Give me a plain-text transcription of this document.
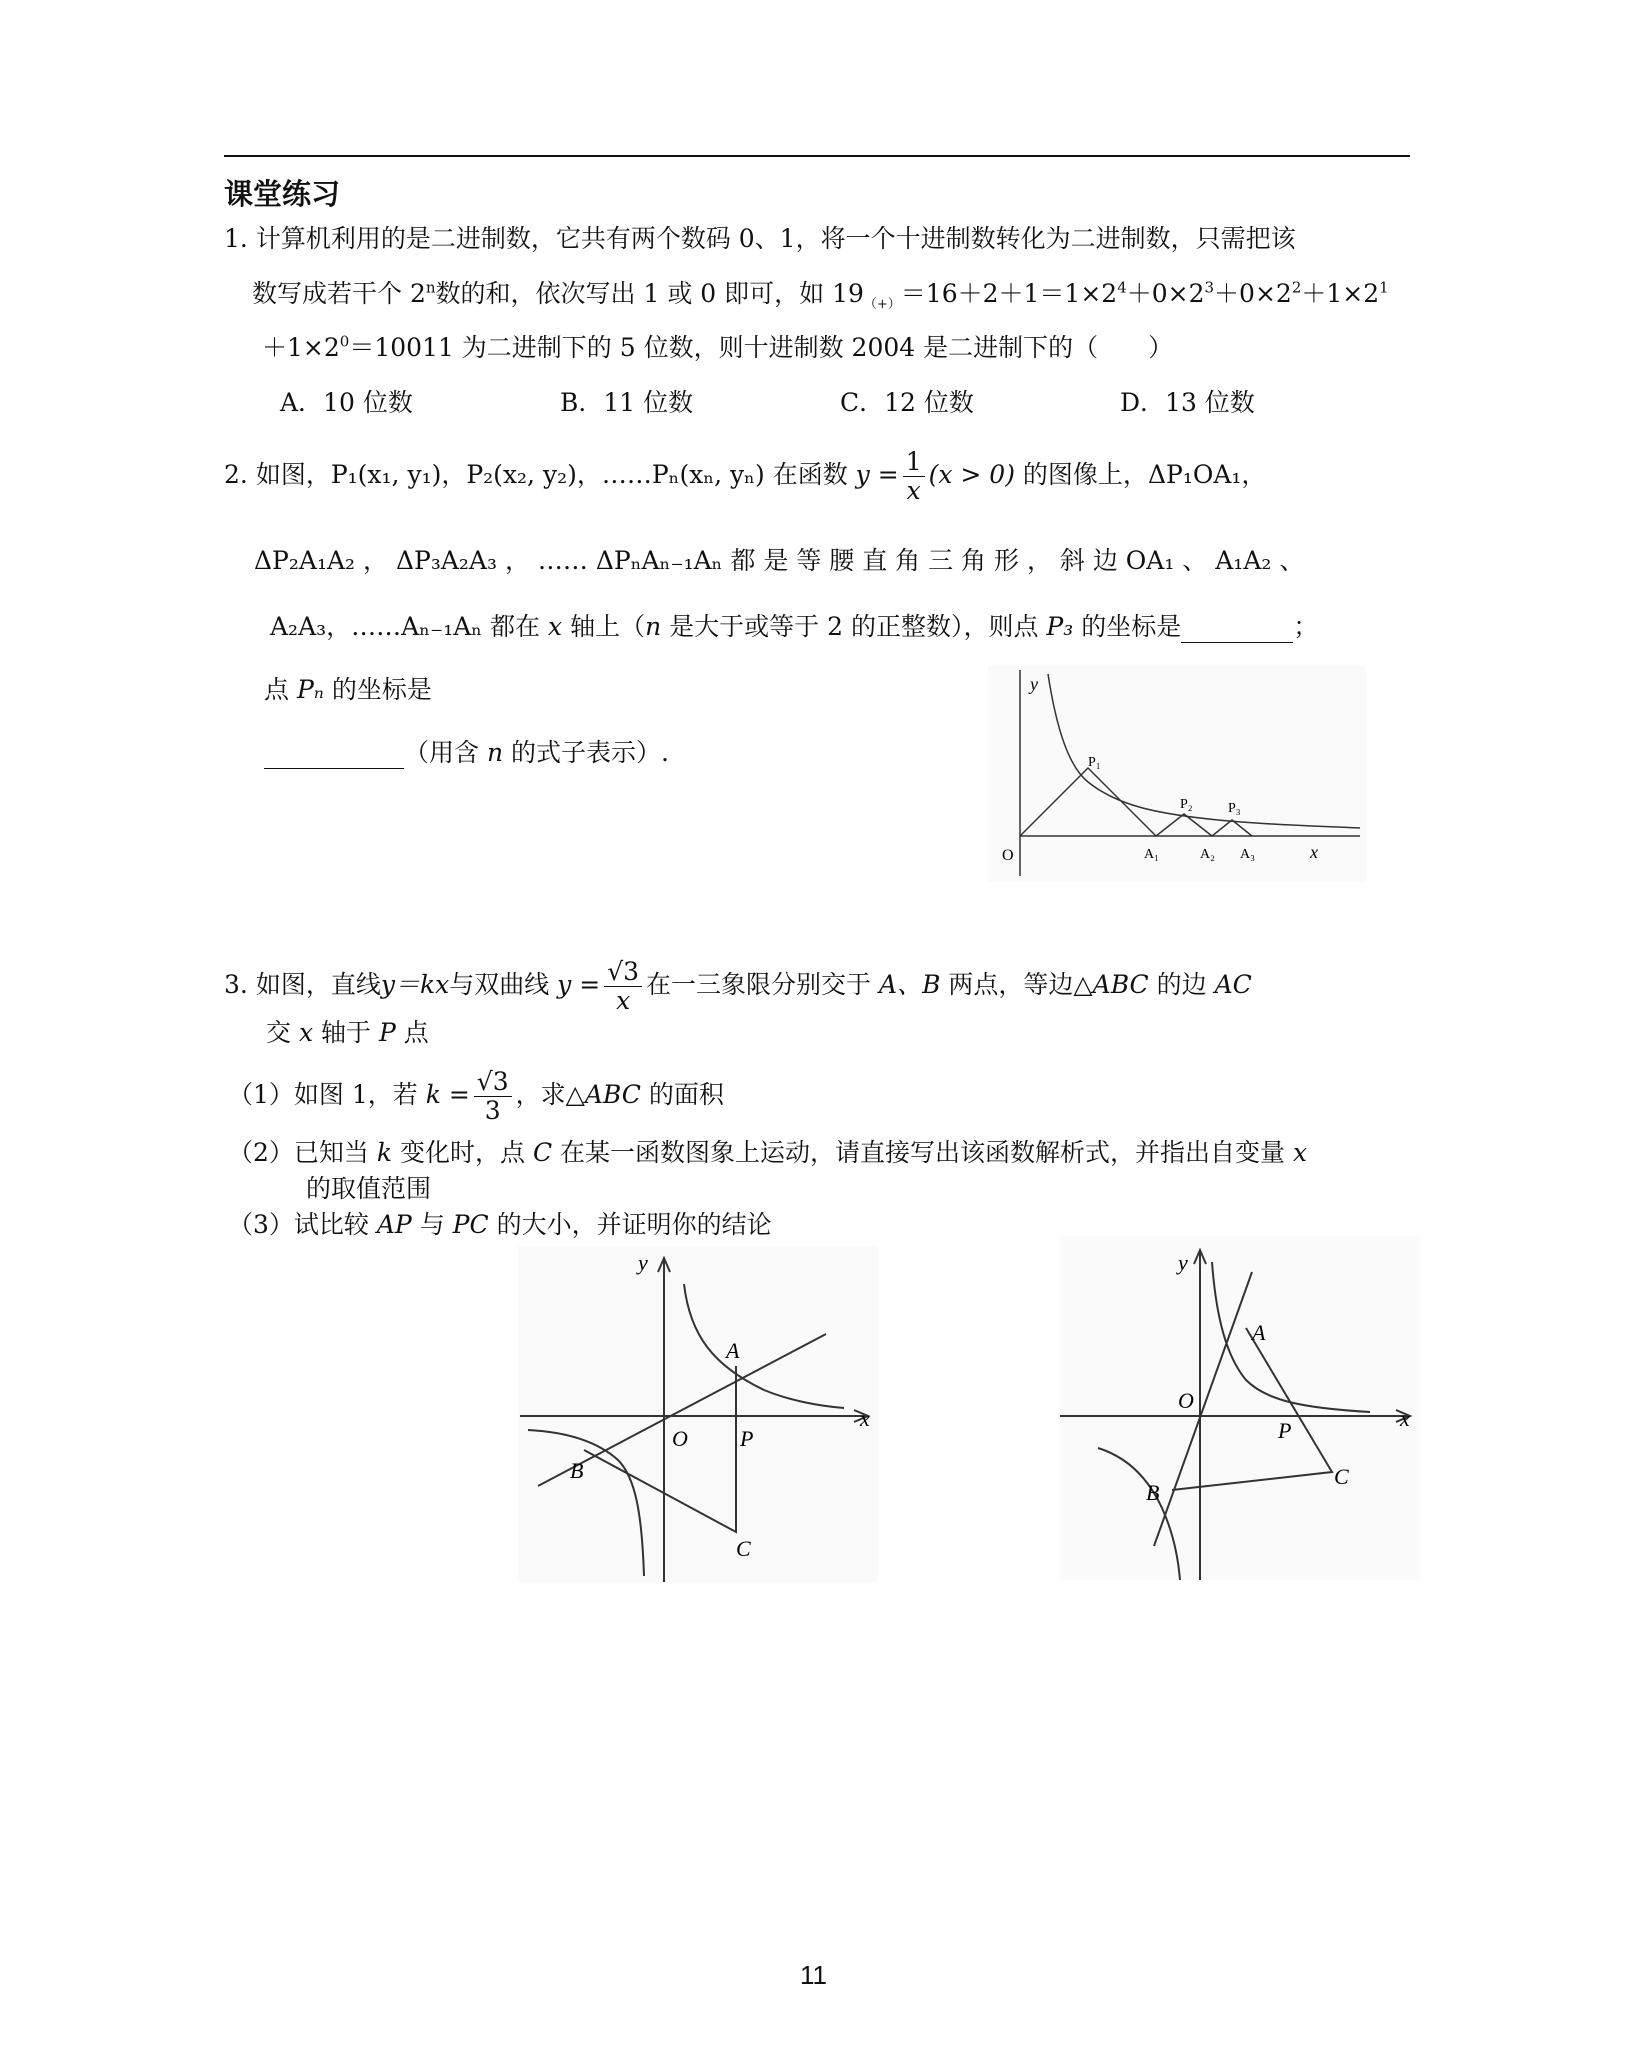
课堂练习
1. 计算机利用的是二进制数，它共有两个数码 0、1，将一个十进制数转化为二进制数，只需把该
数写成若干个 2$^n$数的和，依次写出 1 或 0 即可，如 $19_{(+)}=16+2+1=1\times 2^4+0\times 2^3+0\times 2^2+1\times 2^1$
$+1\times 2^0=10011$ 为二进制下的 5 位数，则十进制数 2004 是二进制下的（　　）
A．10 位数	B．11 位数	C．12 位数	D．13 位数
2. 如图，P₁(x₁, y₁)，P₂(x₂, y₂)，……Pₙ(xₙ, yₙ) 在函数 $y = \frac{1}{x} (x > 0)$ 的图像上，ΔP₁OA₁，
ΔP₂A₁A₂ ， ΔP₃A₂A₃ ， …… ΔPₙAₙ₋₁Aₙ 都 是 等 腰 直 角 三 角 形 ， 斜 边 OA₁ 、 A₁A₂ 、
A₂A₃，……Aₙ₋₁Aₙ 都在 x 轴上（n 是大于或等于 2 的正整数），则点 P₃ 的坐标是	；
点 Pₙ 的坐标是
（用含 n 的式子表示）.
y
O
P₁
P₂	P₃
A₁	A₂ A₃	x
3. 如图，直线y＝kx与双曲线 $y = \frac{√3}{x}$ 在一三象限分别交于 A、B 两点，等边△ABC 的边 AC
交 x 轴于 P 点
（1）如图 1，若 $k = \frac{√3}{3}$ ，求△ABC 的面积
（2）已知当 k 变化时，点 C 在某一函数图象上运动，请直接写出该函数解析式，并指出自变量 x
的取值范围
（3）试比较 AP 与 PC 的大小，并证明你的结论
O
y
x
A
B
P
C
y
O
A
P
C
B
x
11
